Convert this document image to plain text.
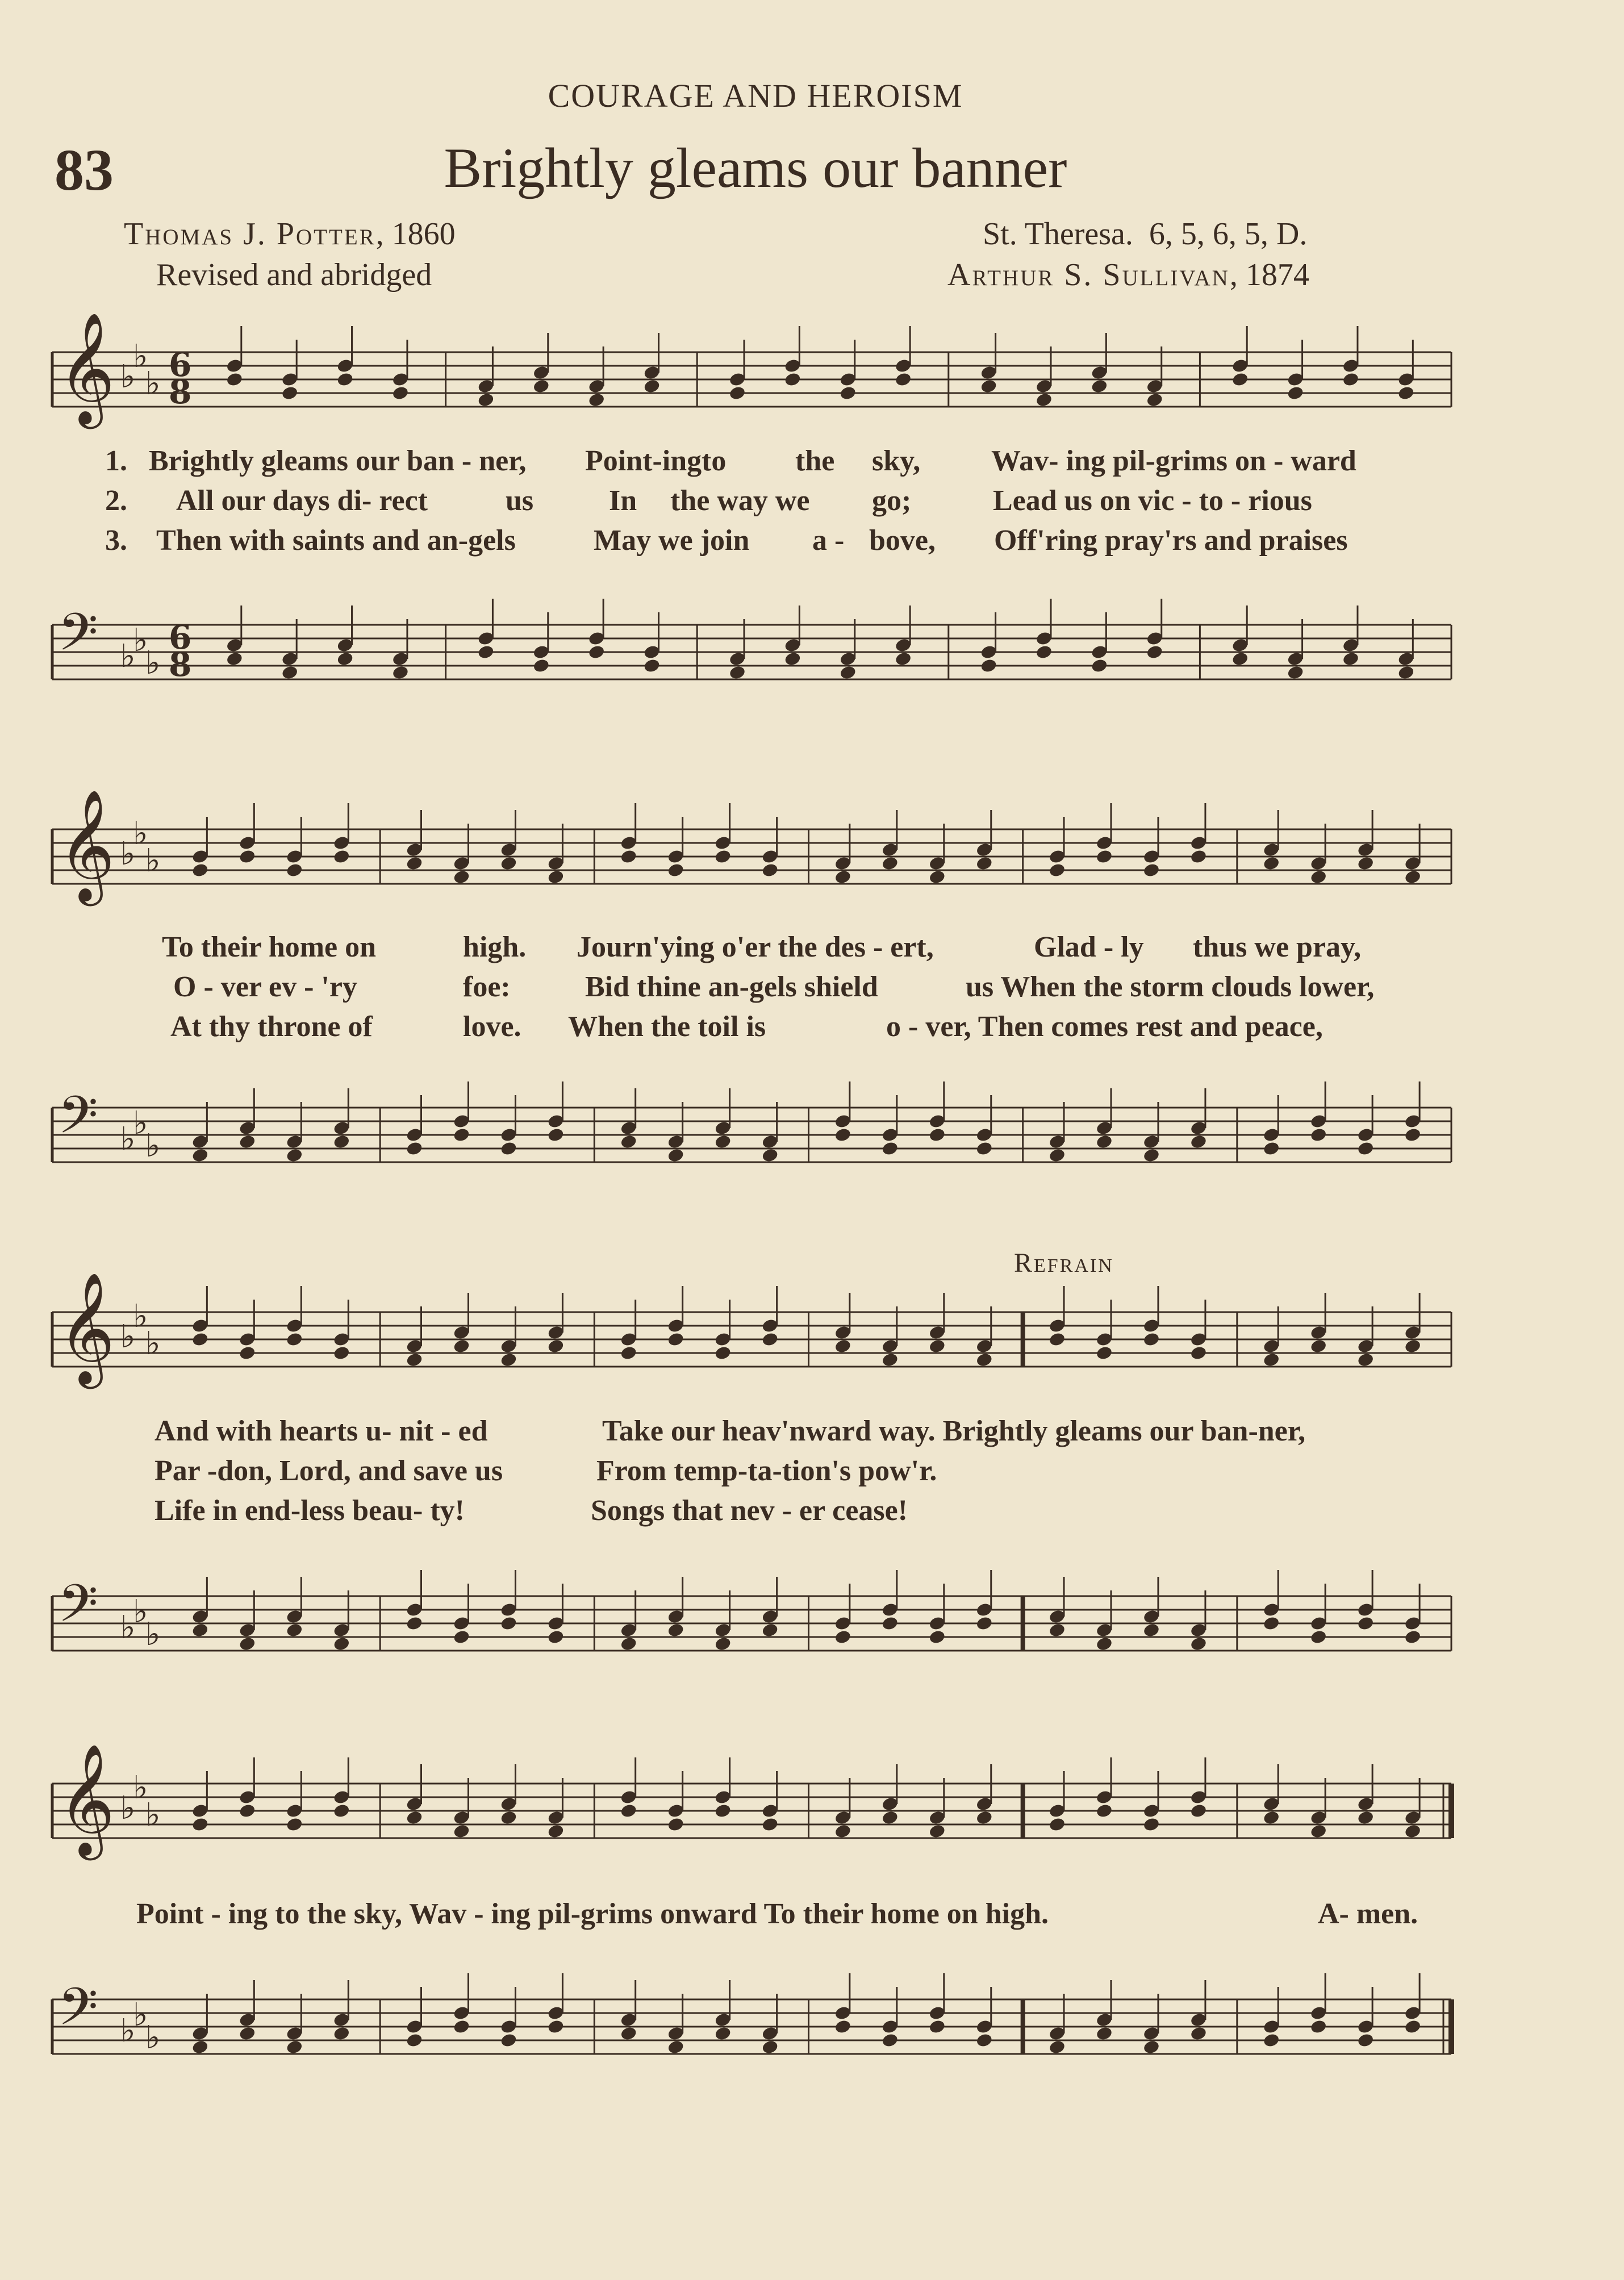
COURAGE AND HEROISM
83	Brightly gleams our banner
Thomas J. Potter, 1860
Revised and abridged
St. Theresa. 6, 5, 6, 5, D.
Arthur S. Sullivan, 1874
Refrain
𝄞 ♭
♭
♭ 6
8
1. Brightly gleams our ban - ner, Point-ing to the sky, Wav- ing pil-grims on - ward
2. All our days di- rect	us	In the way we go;	Lead us on vic - to - rious
3. Then with saints and an-gels	May we join a - bove, Off'ring pray'rs and praises
𝄢 ♭
♭
♭
6
8
𝄞 ♭
♭
♭
To their home on	high. Journ'ying o'er the des - ert,	Glad - ly thus we pray,
O - ver ev - 'ry	foe:	Bid thine an-gels shield	us When the storm clouds lower,
At thy throne of	love. When the toil is	o - ver, Then comes rest and peace,
𝄢 ♭
♭
♭
𝄞 ♭
♭
♭
And with hearts u- nit - ed	Take our heav'nward way. Brightly gleams our ban-ner,
Par -don, Lord, and save us	From temp-ta-tion's pow'r.
Life in end-less beau- ty!	Songs that nev - er cease!
𝄢 ♭
♭
♭
𝄞 ♭
♭
♭
Point - ing to the sky, Wav - ing pil-grims onward To their home on high.	A- men.
𝄢 ♭
♭
♭
